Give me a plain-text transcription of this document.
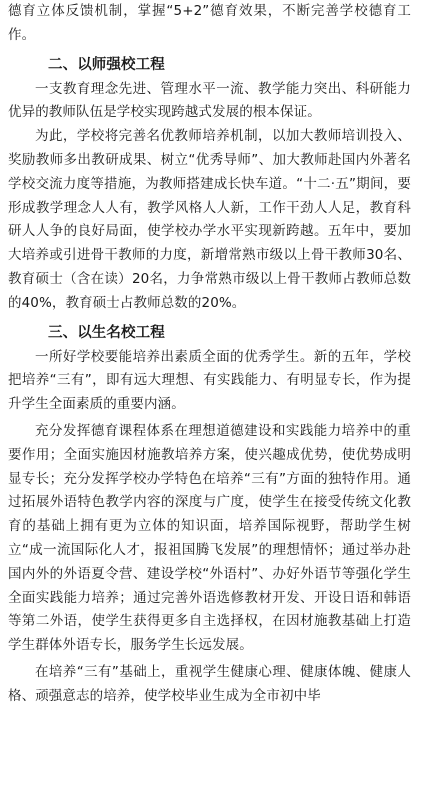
德育立体反馈机制，掌握“5+2”德育效果，不断完善学校德育工作。

二、以师强校工程

一支教育理念先进、管理水平一流、教学能力突出、科研能力优异的教师队伍是学校实现跨越式发展的根本保证。

为此，学校将完善名优教师培养机制，以加大教师培训投入、奖励教师多出教研成果、树立“优秀导师”、加大教师赴国内外著名学校交流力度等措施，为教师搭建成长快车道。“十二·五”期间，要形成教学理念人人有，教学风格人人新，工作干劲人人足，教育科研人人争的良好局面，使学校办学水平实现新跨越。五年中，要加大培养或引进骨干教师的力度，新增常熟市级以上骨干教师30名、教育硕士（含在读）20名，力争常熟市级以上骨干教师占教师总数的40%，教育硕士占教师总数的20%。

三、以生名校工程

一所好学校要能培养出素质全面的优秀学生。新的五年，学校把培养“三有”，即有远大理想、有实践能力、有明显专长，作为提升学生全面素质的重要内涵。

充分发挥德育课程体系在理想道德建设和实践能力培养中的重要作用；全面实施因材施教培养方案，使兴趣成优势，使优势成明显专长；充分发挥学校办学特色在培养“三有”方面的独特作用。通过拓展外语特色教学内容的深度与广度，使学生在接受传统文化教育的基础上拥有更为立体的知识面，培养国际视野，帮助学生树立“成一流国际化人才，报祖国腾飞发展”的理想情怀；通过举办赴国内外的外语夏令营、建设学校“外语村”、办好外语节等强化学生全面实践能力培养；通过完善外语选修教材开发、开设日语和韩语等第二外语，使学生获得更多自主选择权，在因材施教基础上打造学生群体外语专长，服务学生长远发展。

在培养“三有”基础上，重视学生健康心理、健康体魄、健康人格、顽强意志的培养，使学校毕业生成为全市初中毕
